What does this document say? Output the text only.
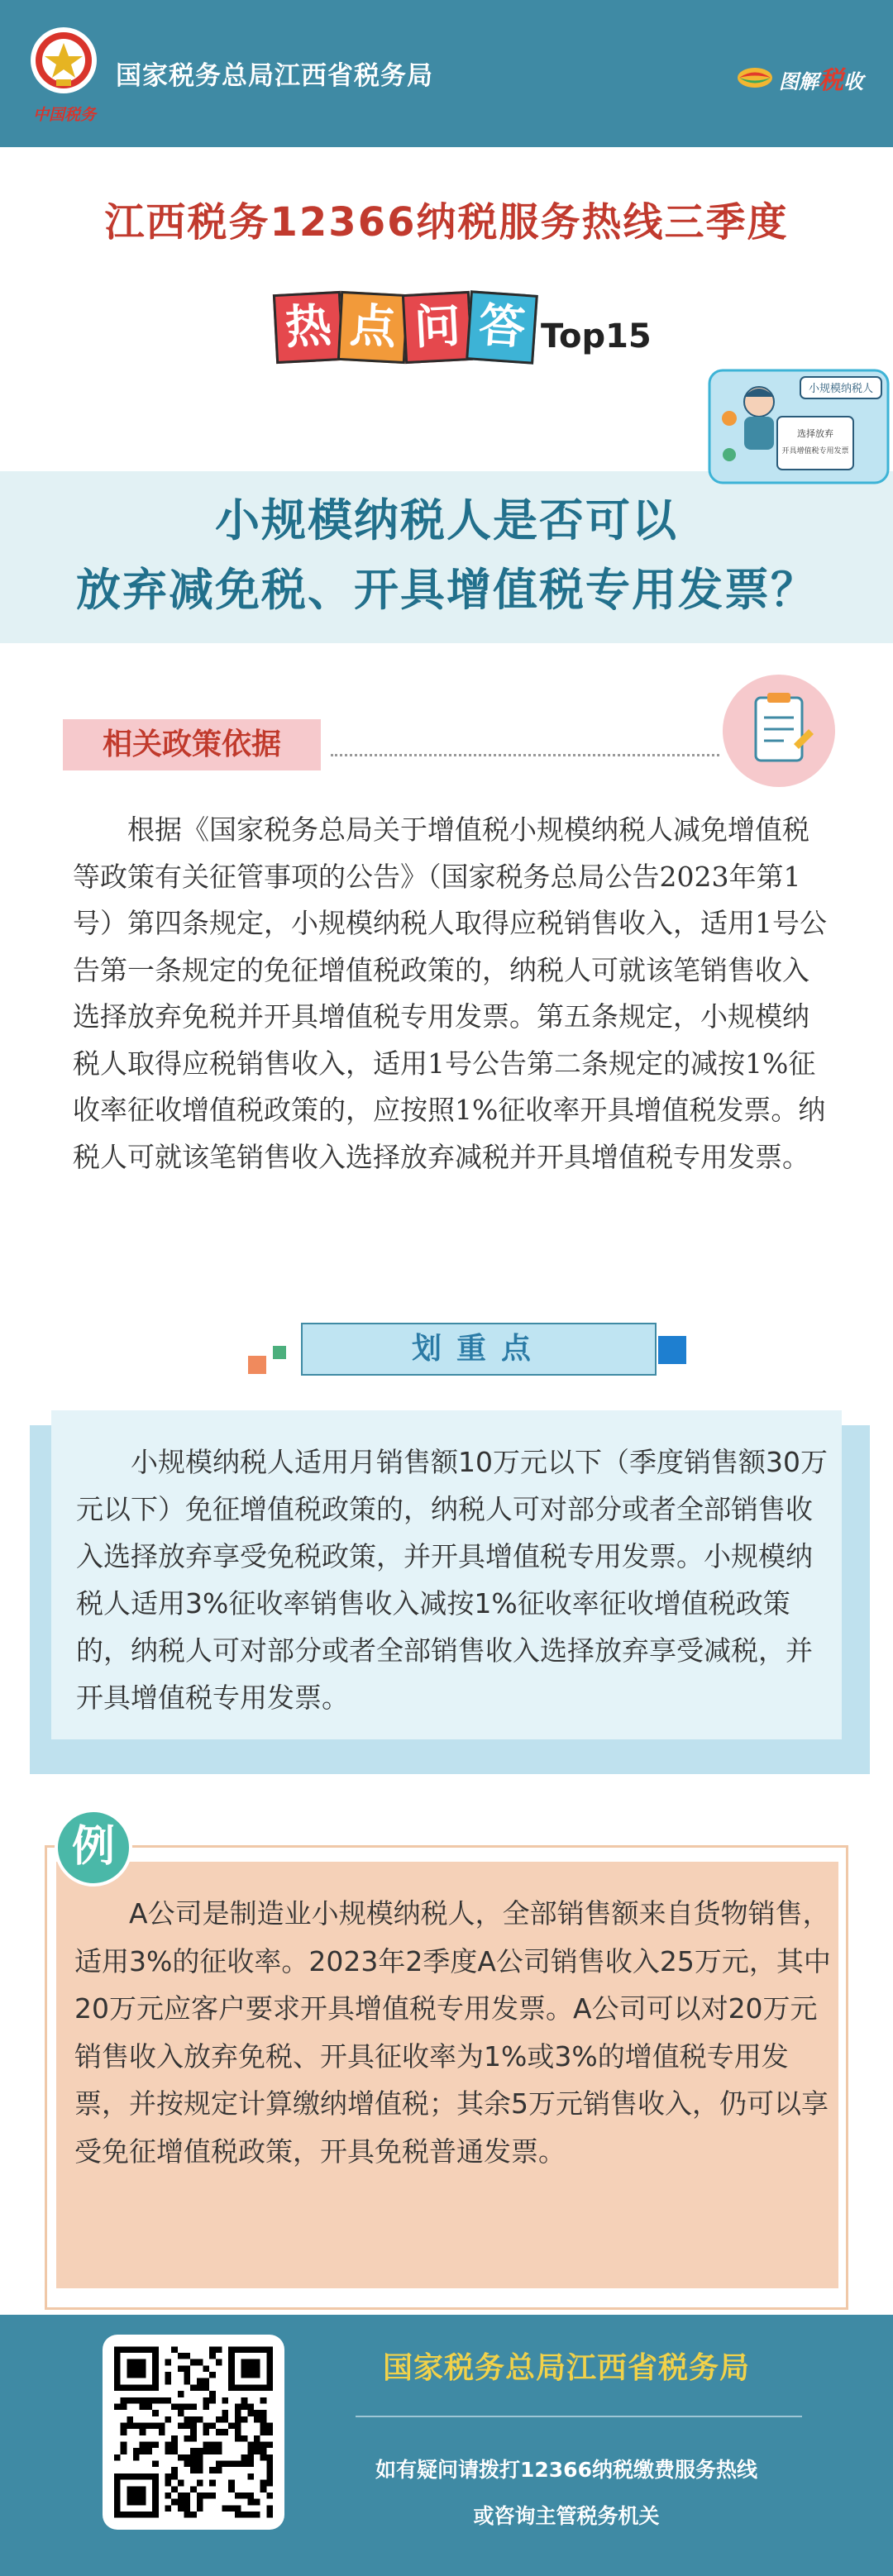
中国税务
国家税务总局江西省税务局	图解税收
江西税务12366纳税服务热线三季度
热 点 问 答 Top15
小规模纳税人
选择放弃
开具增值税专用发票
小规模纳税人是否可以
放弃减免税、开具增值税专用发票？
相关政策依据
根据《国家税务总局关于增值税小规模纳税人减免增值税等政策有关征管事项的公告》（国家税务总局公告2023年第1号）第四条规定，小规模纳税人取得应税销售收入，适用1号公告第一条规定的免征增值税政策的，纳税人可就该笔销售收入选择放弃免税并开具增值税专用发票。第五条规定，小规模纳税人取得应税销售收入，适用1号公告第二条规定的减按1%征收率征收增值税政策的，应按照1%征收率开具增值税发票。纳税人可就该笔销售收入选择放弃减税并开具增值税专用发票。
划重点
小规模纳税人适用月销售额10万元以下（季度销售额30万元以下）免征增值税政策的，纳税人可对部分或者全部销售收入选择放弃享受免税政策，并开具增值税专用发票。小规模纳税人适用3%征收率销售收入减按1%征收率征收增值税政策的，纳税人可对部分或者全部销售收入选择放弃享受减税，并开具增值税专用发票。
例
A公司是制造业小规模纳税人，全部销售额来自货物销售，适用3%的征收率。2023年2季度A公司销售收入25万元，其中20万元应客户要求开具增值税专用发票。A公司可以对20万元销售收入放弃免税、开具征收率为1%或3%的增值税专用发票，并按规定计算缴纳增值税；其余5万元销售收入，仍可以享受免征增值税政策，开具免税普通发票。
国家税务总局江西省税务局
如有疑问请拨打12366纳税缴费服务热线
或咨询主管税务机关
